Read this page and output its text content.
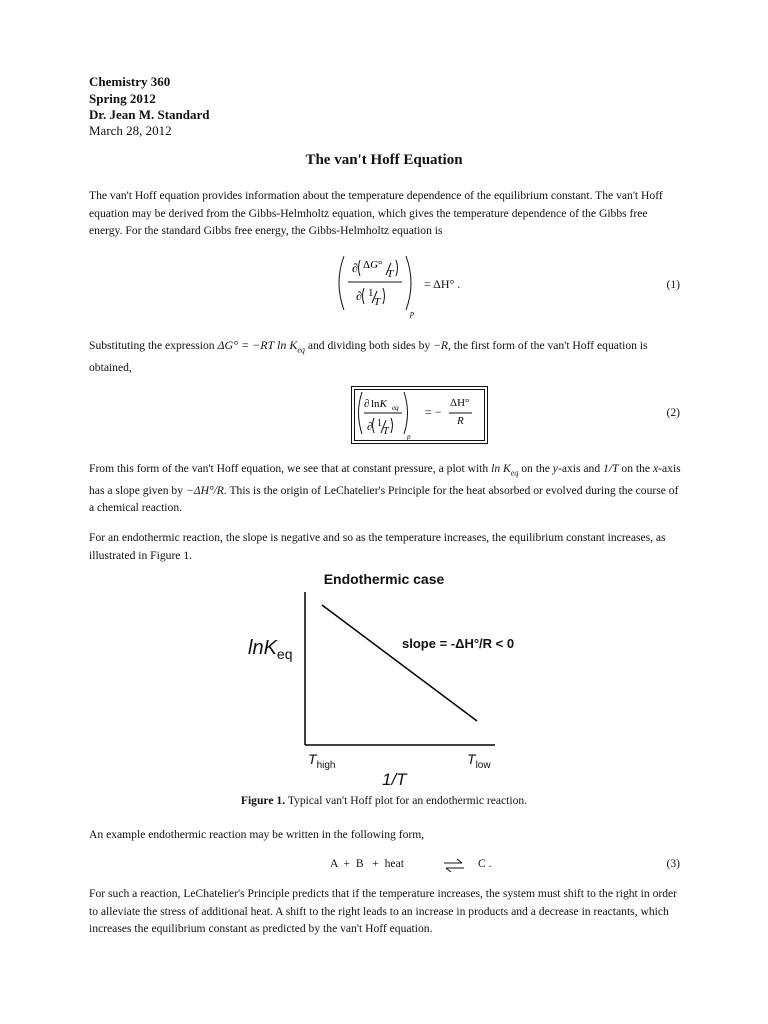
Chemistry 360
Spring 2012
Dr. Jean M. Standard
March 28, 2012
The van't Hoff Equation
The van't Hoff equation provides information about the temperature dependence of the equilibrium constant. The van't Hoff equation may be derived from the Gibbs-Helmholtz equation, which gives the temperature dependence of the Gibbs free energy. For the standard Gibbs free energy, the Gibbs-Helmholtz equation is
∂ ΔG°
T
∂ 1
T
p
= ΔH° .	(1)
Substituting the expression ΔG° = −RT $\ln K_{eq}$ and dividing both sides by −R, the first form of the van't Hoff equation is obtained,
∂ lnK eq
∂ 1
T	p
= −
ΔH°
R
(2)
From this form of the van't Hoff equation, we see that at constant pressure, a plot with $\ln K_{eq}$ on the y-axis and 1/T on the x-axis has a slope given by −ΔH°/R. This is the origin of LeChatelier's Principle for the heat absorbed or evolved during the course of a chemical reaction.
For an endothermic reaction, the slope is negative and so as the temperature increases, the equilibrium constant increases, as illustrated in Figure 1.
Endothermic case
lnK$_{eq}$
slope = -ΔH°/R < 0
$T_{high}$	$T_{low}$
1/T
Figure 1. Typical van't Hoff plot for an endothermic reaction.
An example endothermic reaction may be written in the following form,
A  +  B   +  heat ⇌ C .	(3)
For such a reaction, LeChatelier's Principle predicts that if the temperature increases, the system must shift to the right in order to alleviate the stress of additional heat. A shift to the right leads to an increase in products and a decrease in reactants, which increases the equilibrium constant as predicted by the van't Hoff equation.
